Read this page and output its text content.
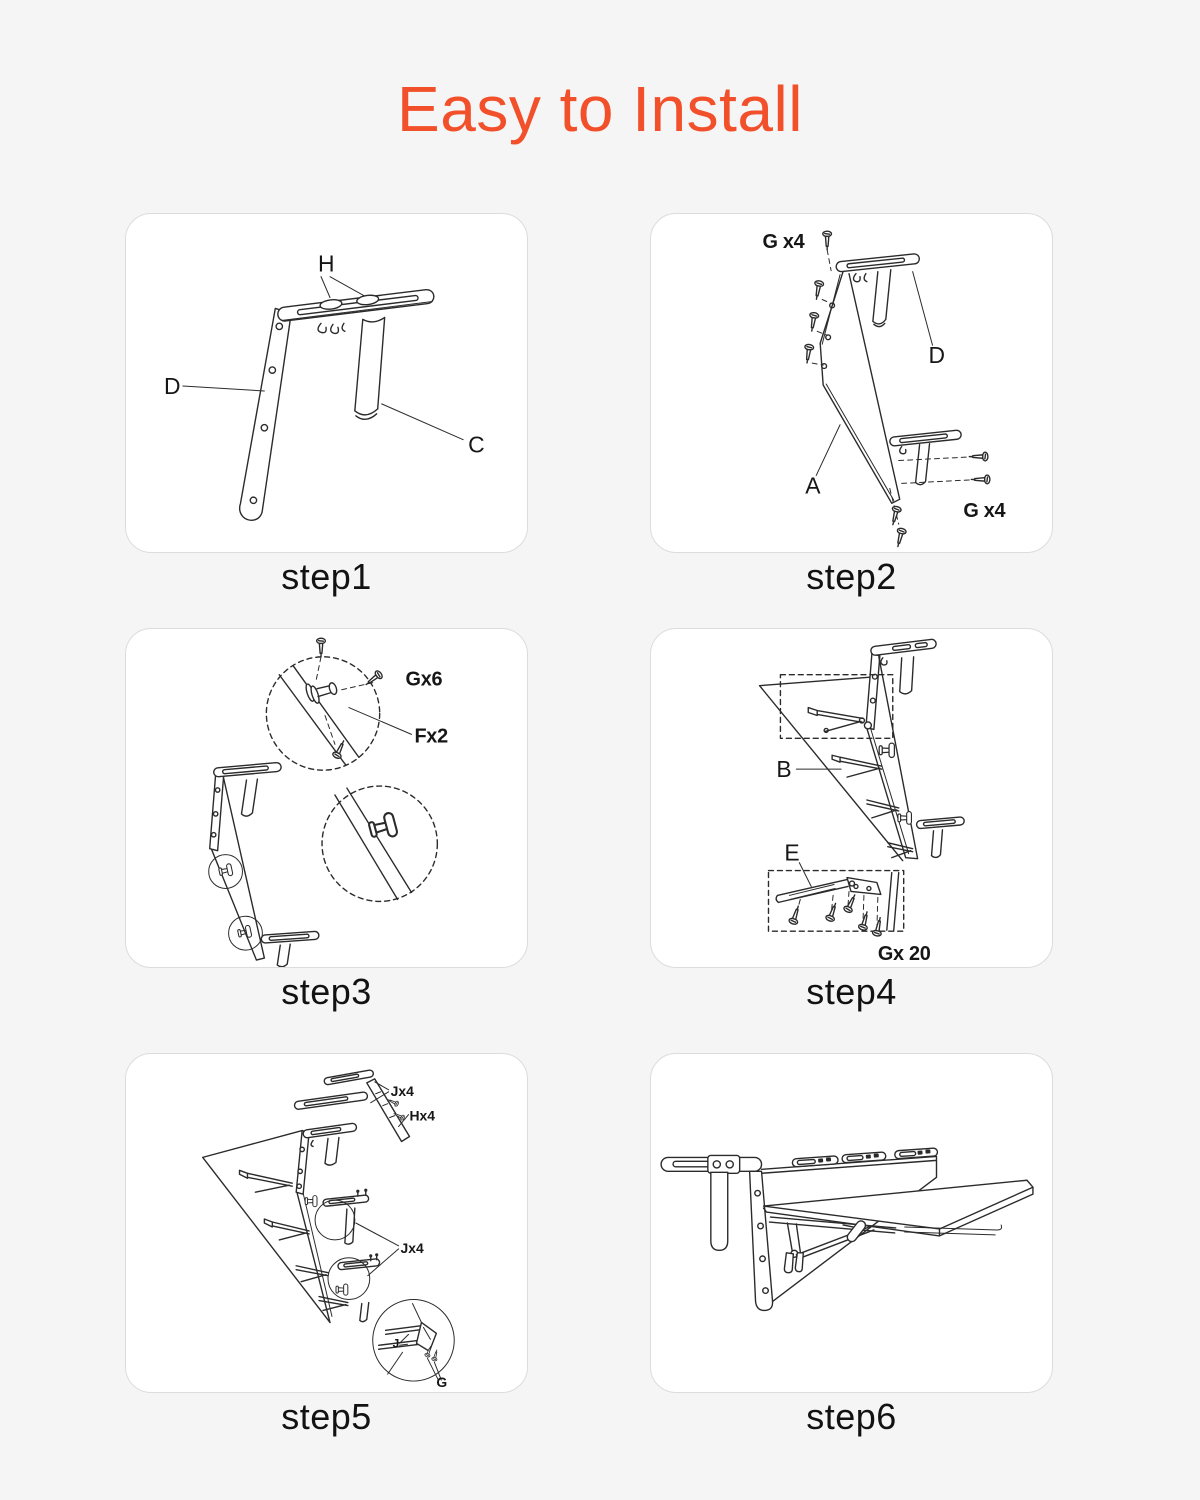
Easy to Install
H
D
C
G x4
D
A
G x4
Gx6
Fx2
B
E
Gx 20
Jx4
Hx4
Jx4
J
G
step1	step2
step3	step4
step5	step6
